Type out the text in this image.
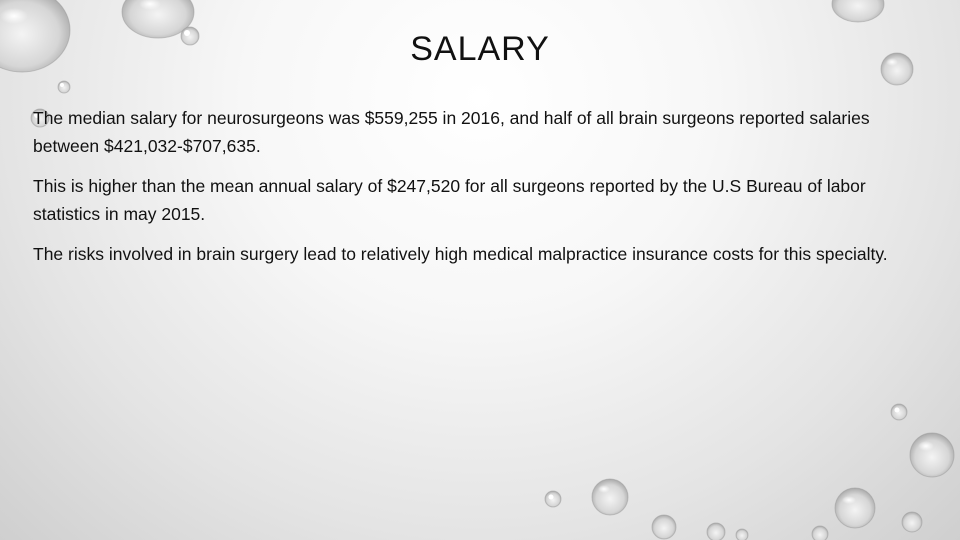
SALARY

The median salary for neurosurgeons was $559,255 in 2016, and half of all brain surgeons reported salaries between $421,032-$707,635.

This is higher than the mean annual salary of $247,520 for all surgeons reported by the U.S Bureau of labor statistics in may 2015.

The risks involved in brain surgery lead to relatively high medical malpractice insurance costs for this specialty.
